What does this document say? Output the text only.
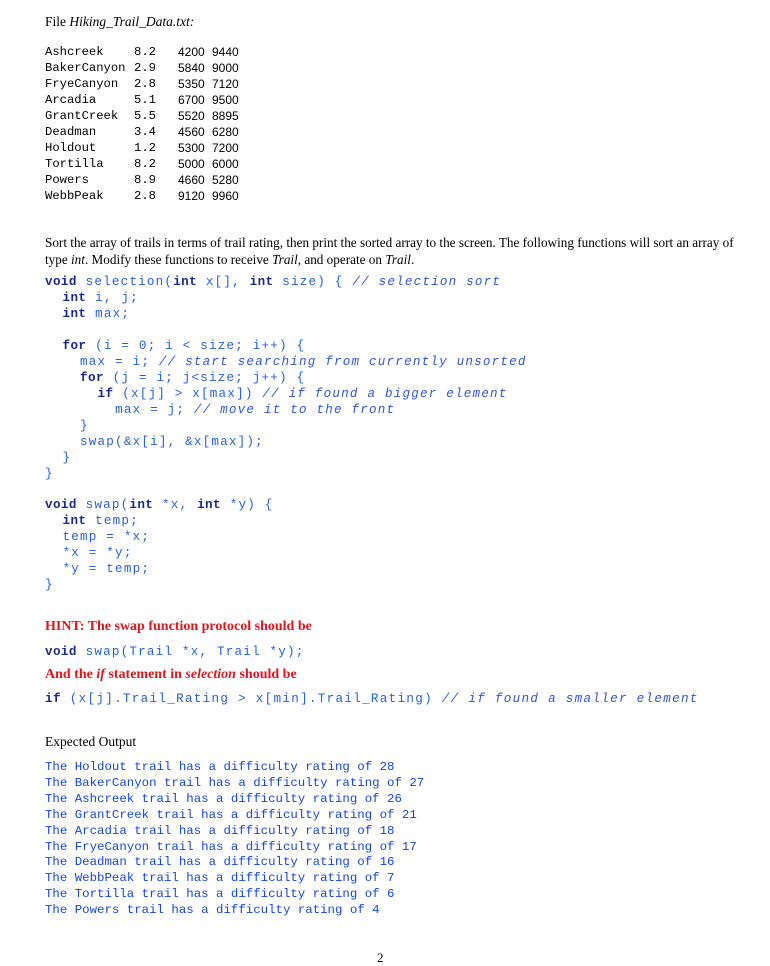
File Hiking_Trail_Data.txt:
Ashcreek	8.2	4200	9440
BakerCanyon	2.9	5840	9000
FryeCanyon	2.8	5350	7120
Arcadia	5.1	6700	9500
GrantCreek	5.5	5520	8895
Deadman	3.4	4560	6280
Holdout	1.2	5300	7200
Tortilla	8.2	5000	6000
Powers	8.9	4660	5280
WebbPeak	2.8	9120	9960
Sort the array of trails in terms of trail rating, then print the sorted array to the screen. The following functions will sort an array of type int. Modify these functions to receive Trail, and operate on Trail.
void selection(int x[], int size) { // selection sort
int i, j;
int max;

for (i = 0; i < size; i++) {
max = i; // start searching from currently unsorted
for (j = i; j<size; j++) {
if (x[j] > x[max]) // if found a bigger element
max = j; // move it to the front
}
swap(&x[i], &x[max]);
}
}
void swap(int *x, int *y) {
int temp;
temp = *x;
*x = *y;
*y = temp;
}
HINT: The swap function protocol should be
void swap(Trail *x, Trail *y);
And the if statement in selection should be
if (x[j].Trail_Rating > x[min].Trail_Rating) // if found a smaller element
Expected Output
The Holdout trail has a difficulty rating of 28
The BakerCanyon trail has a difficulty rating of 27
The Ashcreek trail has a difficulty rating of 26
The GrantCreek trail has a difficulty rating of 21
The Arcadia trail has a difficulty rating of 18
The FryeCanyon trail has a difficulty rating of 17
The Deadman trail has a difficulty rating of 16
The WebbPeak trail has a difficulty rating of 7
The Tortilla trail has a difficulty rating of 6
The Powers trail has a difficulty rating of 4
2
